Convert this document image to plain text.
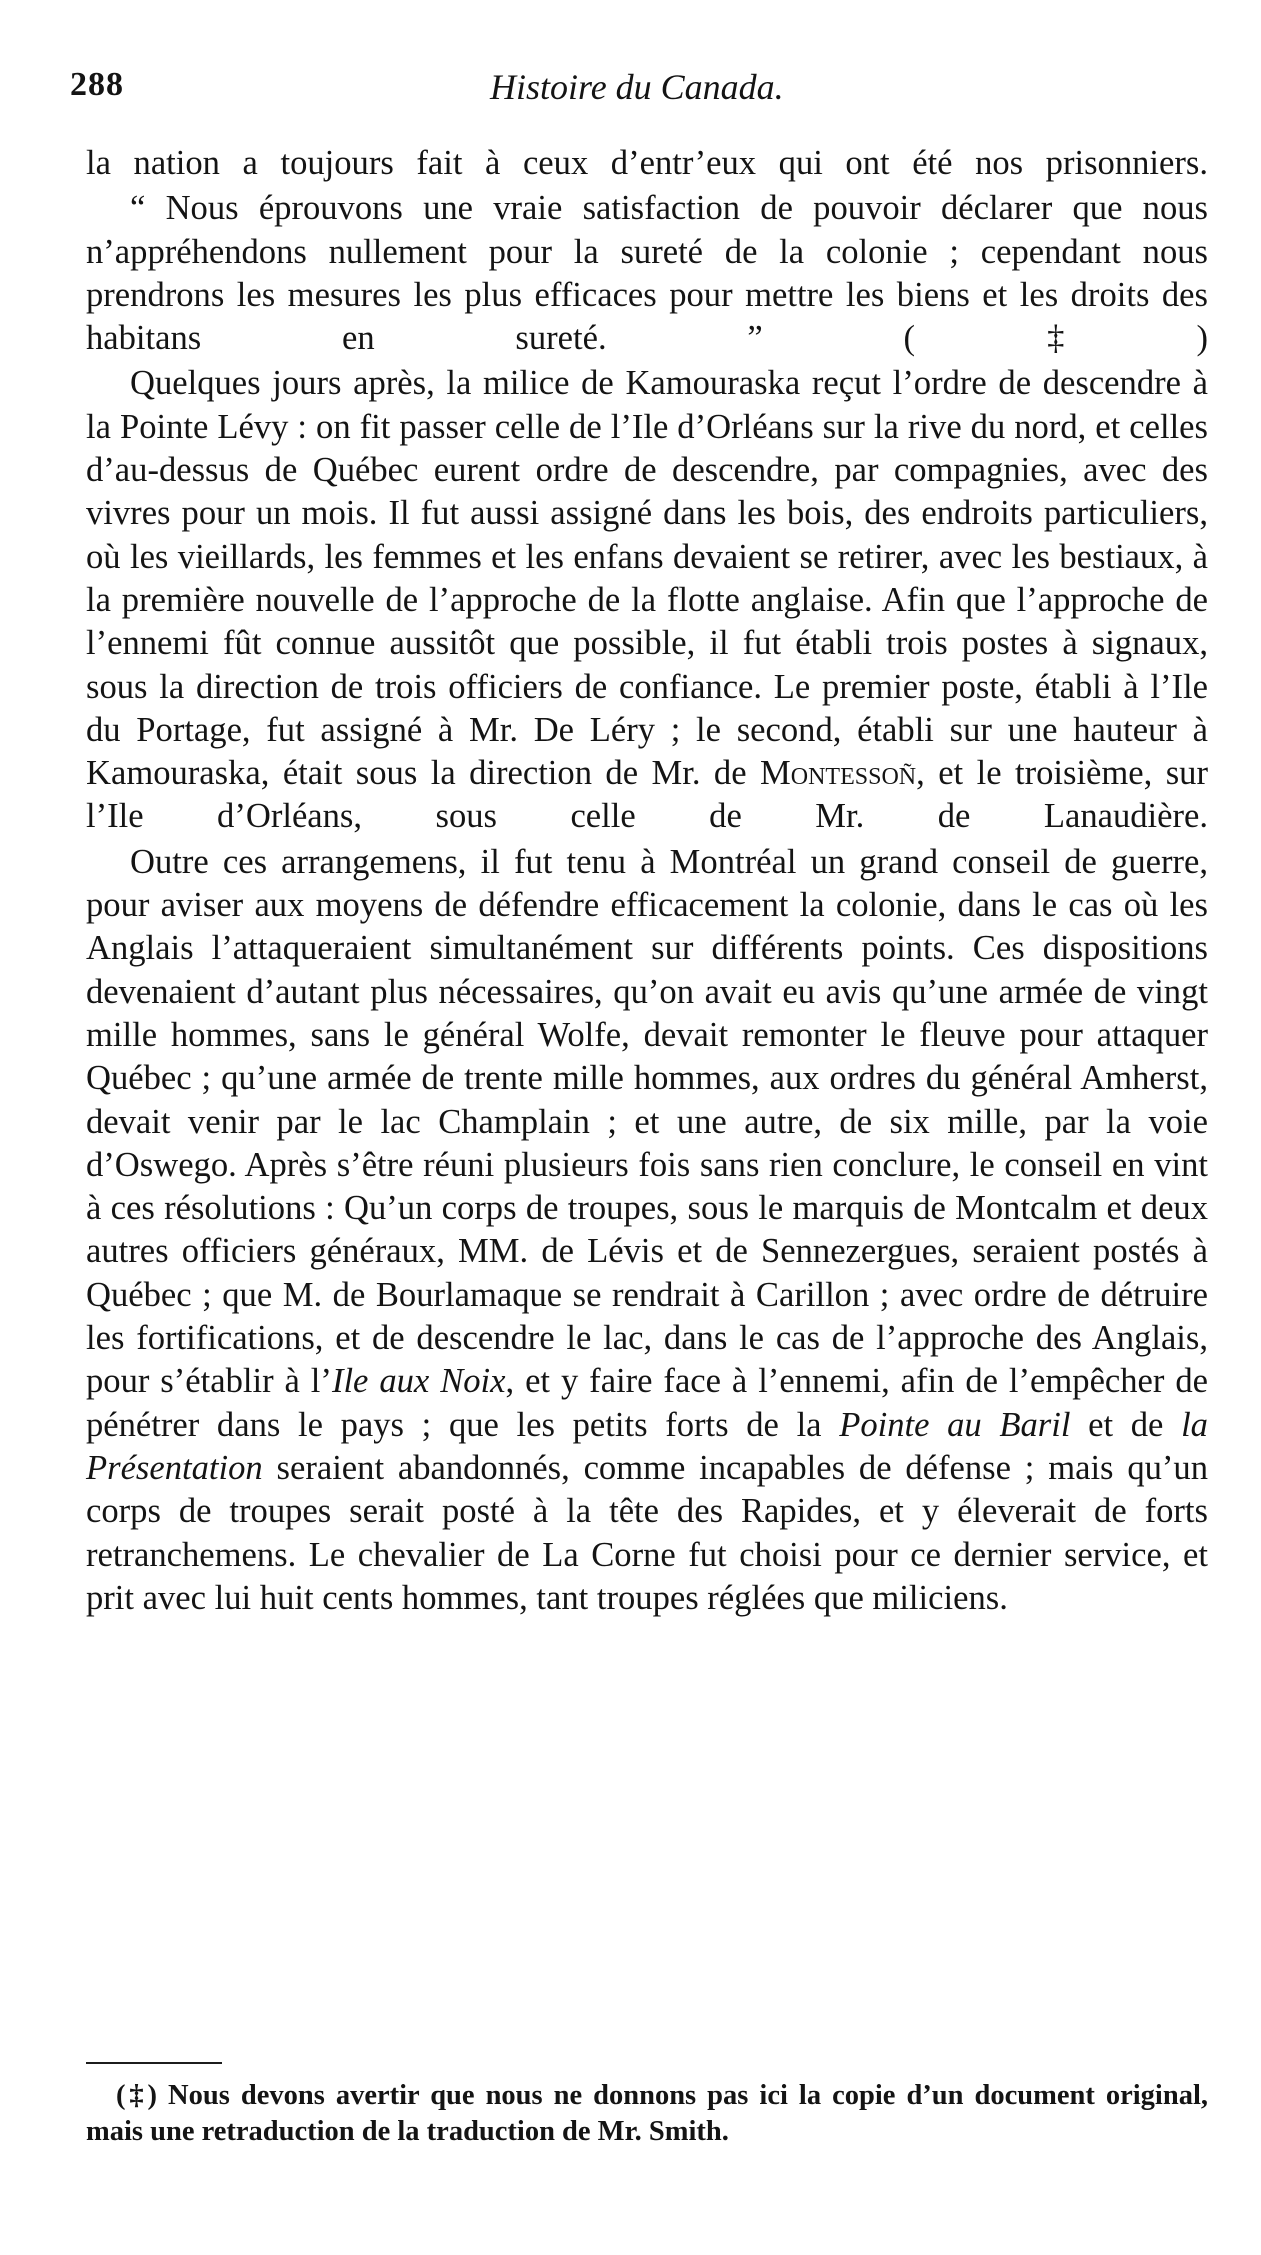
288	Histoire du Canada.

la nation a toujours fait à ceux d’entr’eux qui ont été nos prisonniers.

“ Nous éprouvons une vraie satisfaction de pouvoir déclarer que nous n’appréhendons nullement pour la sureté de la colonie ; cependant nous prendrons les mesures les plus efficaces pour mettre les biens et les droits des habitans en sureté. ” (‡)

Quelques jours après, la milice de Kamouraska reçut l’ordre de descendre à la Pointe Lévy : on fit passer celle de l’Ile d’Orléans sur la rive du nord, et celles d’au-dessus de Québec eurent ordre de descendre, par compagnies, avec des vivres pour un mois. Il fut aussi assigné dans les bois, des endroits particuliers, où les vieillards, les femmes et les enfans devaient se retirer, avec les bestiaux, à la première nouvelle de l’approche de la flotte anglaise. Afin que l’approche de l’ennemi fût connue aussitôt que possible, il fut établi trois postes à signaux, sous la direction de trois officiers de confiance. Le premier poste, établi à l’Ile du Portage, fut assigné à Mr. De Léry ; le second, établi sur une hauteur à Kamouraska, était sous la direction de Mr. de Montessoñ, et le troisième, sur l’Ile d’Orléans, sous celle de Mr. de Lanaudière.

Outre ces arrangemens, il fut tenu à Montréal un grand conseil de guerre, pour aviser aux moyens de défendre efficacement la colonie, dans le cas où les Anglais l’attaqueraient simultanément sur différents points. Ces dispositions devenaient d’autant plus nécessaires, qu’on avait eu avis qu’une armée de vingt mille hommes, sans le général Wolfe, devait remonter le fleuve pour attaquer Québec ; qu’une armée de trente mille hommes, aux ordres du général Amherst, devait venir par le lac Champlain ; et une autre, de six mille, par la voie d’Oswego. Après s’être réuni plusieurs fois sans rien conclure, le conseil en vint à ces résolutions : Qu’un corps de troupes, sous le marquis de Montcalm et deux autres officiers généraux, MM. de Lévis et de Sennezergues, seraient postés à Québec ; que M. de Bourlamaque se rendrait à Carillon ; avec ordre de détruire les fortifications, et de descendre le lac, dans le cas de l’approche des Anglais, pour s’établir à l’Ile aux Noix, et y faire face à l’ennemi, afin de l’empêcher de pénétrer dans le pays ; que les petits forts de la Pointe au Baril et de la Présentation seraient abandonnés, comme incapables de défense ; mais qu’un corps de troupes serait posté à la tête des Rapides, et y éleverait de forts retranchemens. Le chevalier de La Corne fut choisi pour ce dernier service, et prit avec lui huit cents hommes, tant troupes réglées que miliciens.

(‡) Nous devons avertir que nous ne donnons pas ici la copie d’un document original, mais une retraduction de la traduction de Mr. Smith.
